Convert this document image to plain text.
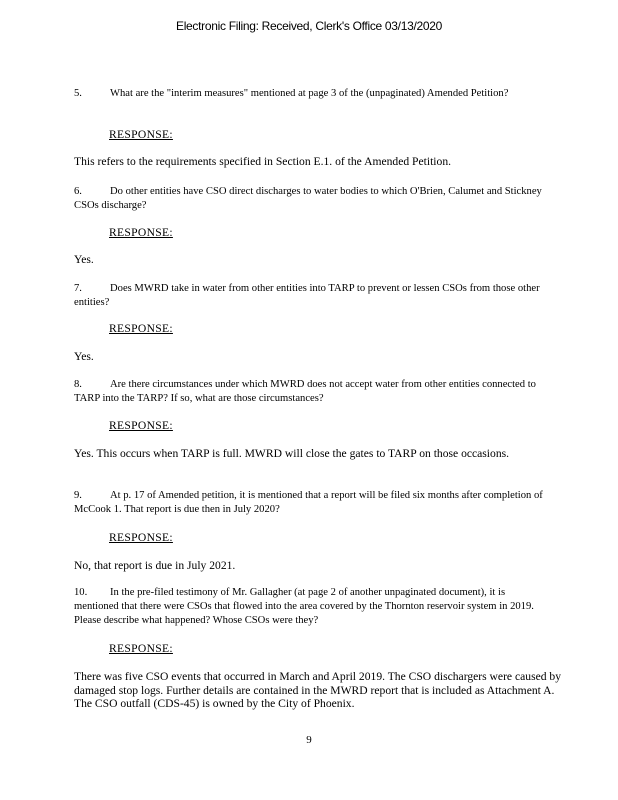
Electronic Filing: Received, Clerk's Office 03/13/2020

5.	What are the "interim measures" mentioned at page 3 of the (unpaginated) Amended Petition?

RESPONSE:

This refers to the requirements specified in Section E.1. of the Amended Petition.

6.	Do other entities have CSO direct discharges to water bodies to which O'Brien, Calumet and Stickney CSOs discharge?

RESPONSE:

Yes.

7.	Does MWRD take in water from other entities into TARP to prevent or lessen CSOs from those other entities?

RESPONSE:

Yes.

8.	Are there circumstances under which MWRD does not accept water from other entities connected to TARP into the TARP? If so, what are those circumstances?

RESPONSE:

Yes. This occurs when TARP is full. MWRD will close the gates to TARP on those occasions.

9.	At p. 17 of Amended petition, it is mentioned that a report will be filed six months after completion of McCook 1. That report is due then in July 2020?

RESPONSE:

No, that report is due in July 2021.

10. In the pre-filed testimony of Mr. Gallagher (at page 2 of another unpaginated document), it is mentioned that there were CSOs that flowed into the area covered by the Thornton reservoir system in 2019. Please describe what happened? Whose CSOs were they?

RESPONSE:

There was five CSO events that occurred in March and April 2019. The CSO dischargers were caused by damaged stop logs. Further details are contained in the MWRD report that is included as Attachment A. The CSO outfall (CDS-45) is owned by the City of Phoenix.

9
